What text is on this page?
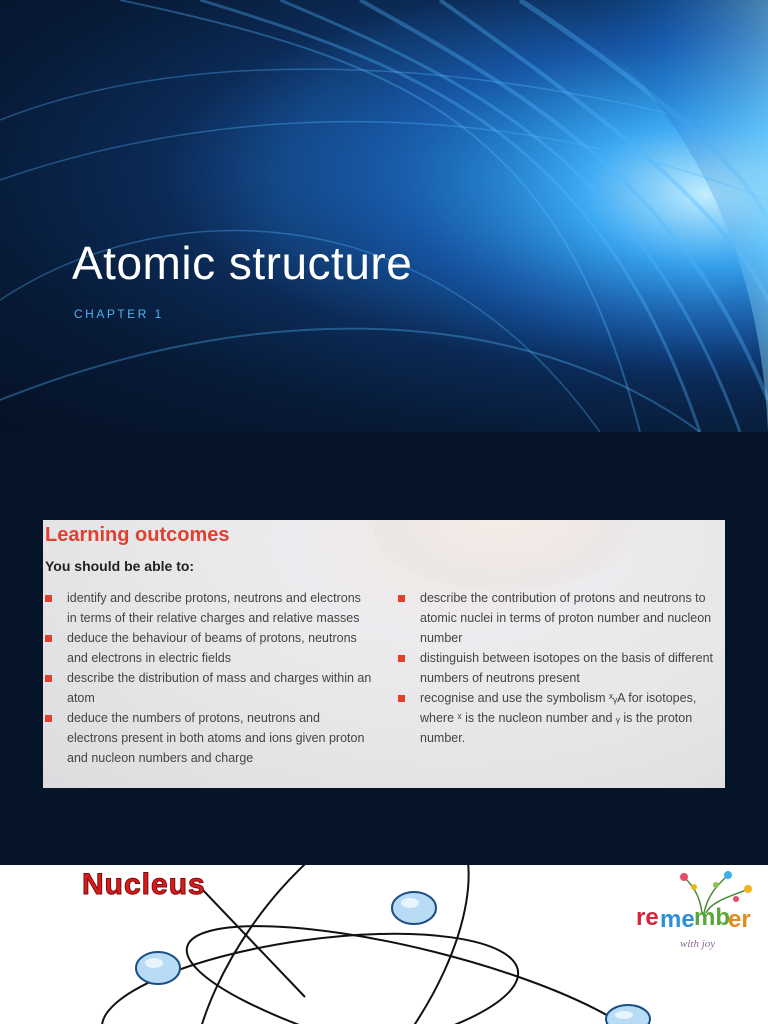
Atomic structure
CHAPTER 1
Learning outcomes
You should be able to:
identify and describe protons, neutrons and electrons in terms of their relative charges and relative masses
deduce the behaviour of beams of protons, neutrons and electrons in electric fields
describe the distribution of mass and charges within an atom
deduce the numbers of protons, neutrons and electrons present in both atoms and ions given proton and nucleon numbers and charge
describe the contribution of protons and neutrons to atomic nuclei in terms of proton number and nucleon number
distinguish between isotopes on the basis of different numbers of neutrons present
recognise and use the symbolism ˣᵧA for isotopes, where ˣ is the nucleon number and ᵧ is the proton number.
Nucleus
re me mb
er
with joy
